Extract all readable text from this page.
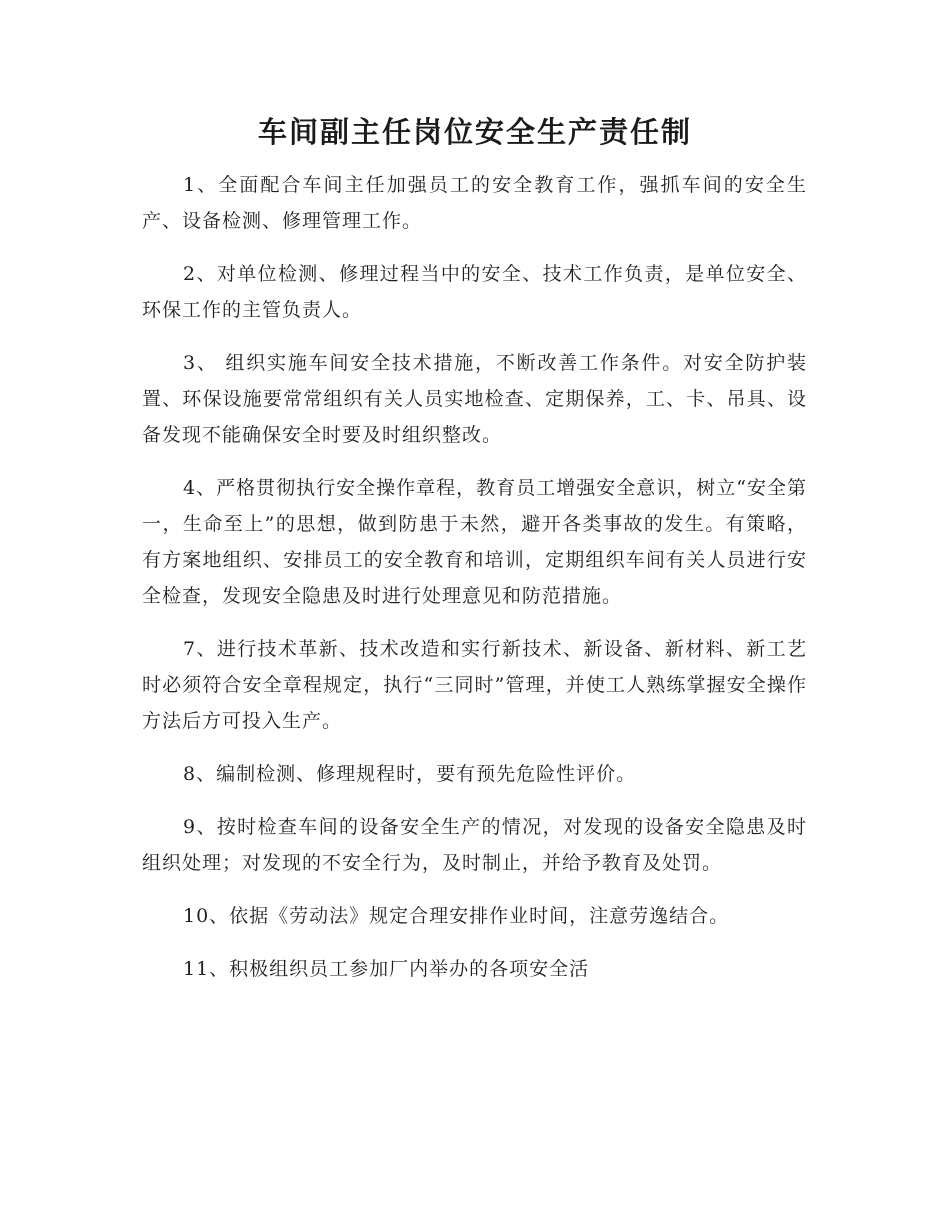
车间副主任岗位安全生产责任制

1、全面配合车间主任加强员工的安全教育工作，强抓车间的安全生产、设备检测、修理管理工作。

2、对单位检测、修理过程当中的安全、技术工作负责，是单位安全、环保工作的主管负责人。

3、 组织实施车间安全技术措施，不断改善工作条件。对安全防护装置、环保设施要常常组织有关人员实地检查、定期保养，工、卡、吊具、设备发现不能确保安全时要及时组织整改。

4、严格贯彻执行安全操作章程，教育员工增强安全意识，树立“安全第一，生命至上”的思想，做到防患于未然，避开各类事故的发生。有策略，有方案地组织、安排员工的安全教育和培训，定期组织车间有关人员进行安全检查，发现安全隐患及时进行处理意见和防范措施。

7、进行技术革新、技术改造和实行新技术、新设备、新材料、新工艺时必须符合安全章程规定，执行“三同时”管理，并使工人熟练掌握安全操作方法后方可投入生产。

8、编制检测、修理规程时，要有预先危险性评价。

9、按时检查车间的设备安全生产的情况，对发现的设备安全隐患及时组织处理；对发现的不安全行为，及时制止，并给予教育及处罚。

10、依据《劳动法》规定合理安排作业时间，注意劳逸结合。

11、积极组织员工参加厂内举办的各项安全活
